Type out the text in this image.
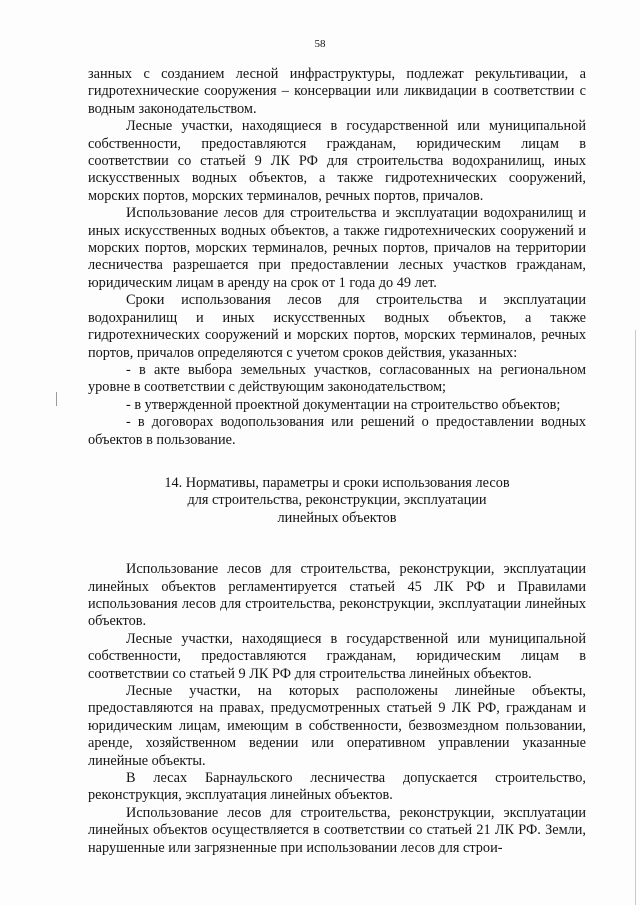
58

занных с созданием лесной инфраструктуры, подлежат рекультивации, а гидротехнические сооружения – консервации или ликвидации в соответствии с водным законодательством.

Лесные участки, находящиеся в государственной или муниципальной собственности, предоставляются гражданам, юридическим лицам в соответствии со статьей 9 ЛК РФ для строительства водохранилищ, иных искусственных водных объектов, а также гидротехнических сооружений, морских портов, морских терминалов, речных портов, причалов.

Использование лесов для строительства и эксплуатации водохранилищ и иных искусственных водных объектов, а также гидротехнических сооружений и морских портов, морских терминалов, речных портов, причалов на территории лесничества разрешается при предоставлении лесных участков гражданам, юридическим лицам в аренду на срок от 1 года до 49 лет.

Сроки использования лесов для строительства и эксплуатации водохранилищ и иных искусственных водных объектов, а также гидротехнических сооружений и морских портов, морских терминалов, речных портов, причалов определяются с учетом сроков действия, указанных:

- в акте выбора земельных участков, согласованных на региональном уровне в соответствии с действующим законодательством;

- в утвержденной проектной документации на строительство объектов;

- в договорах водопользования или решений о предоставлении водных объектов в пользование.

14. Нормативы, параметры и сроки использования лесов
для строительства, реконструкции, эксплуатации
линейных объектов

Использование лесов для строительства, реконструкции, эксплуатации линейных объектов регламентируется статьей 45 ЛК РФ и Правилами использования лесов для строительства, реконструкции, эксплуатации линейных объектов.

Лесные участки, находящиеся в государственной или муниципальной собственности, предоставляются гражданам, юридическим лицам в соответствии со статьей 9 ЛК РФ для строительства линейных объектов.

Лесные участки, на которых расположены линейные объекты, предоставляются на правах, предусмотренных статьей 9 ЛК РФ, гражданам и юридическим лицам, имеющим в собственности, безвозмездном пользовании, аренде, хозяйственном ведении или оперативном управлении указанные линейные объекты.

В лесах Барнаульского лесничества допускается строительство, реконструкция, эксплуатация линейных объектов.

Использование лесов для строительства, реконструкции, эксплуатации линейных объектов осуществляется в соответствии со статьей 21 ЛК РФ. Земли, нарушенные или загрязненные при использовании лесов для строи-
